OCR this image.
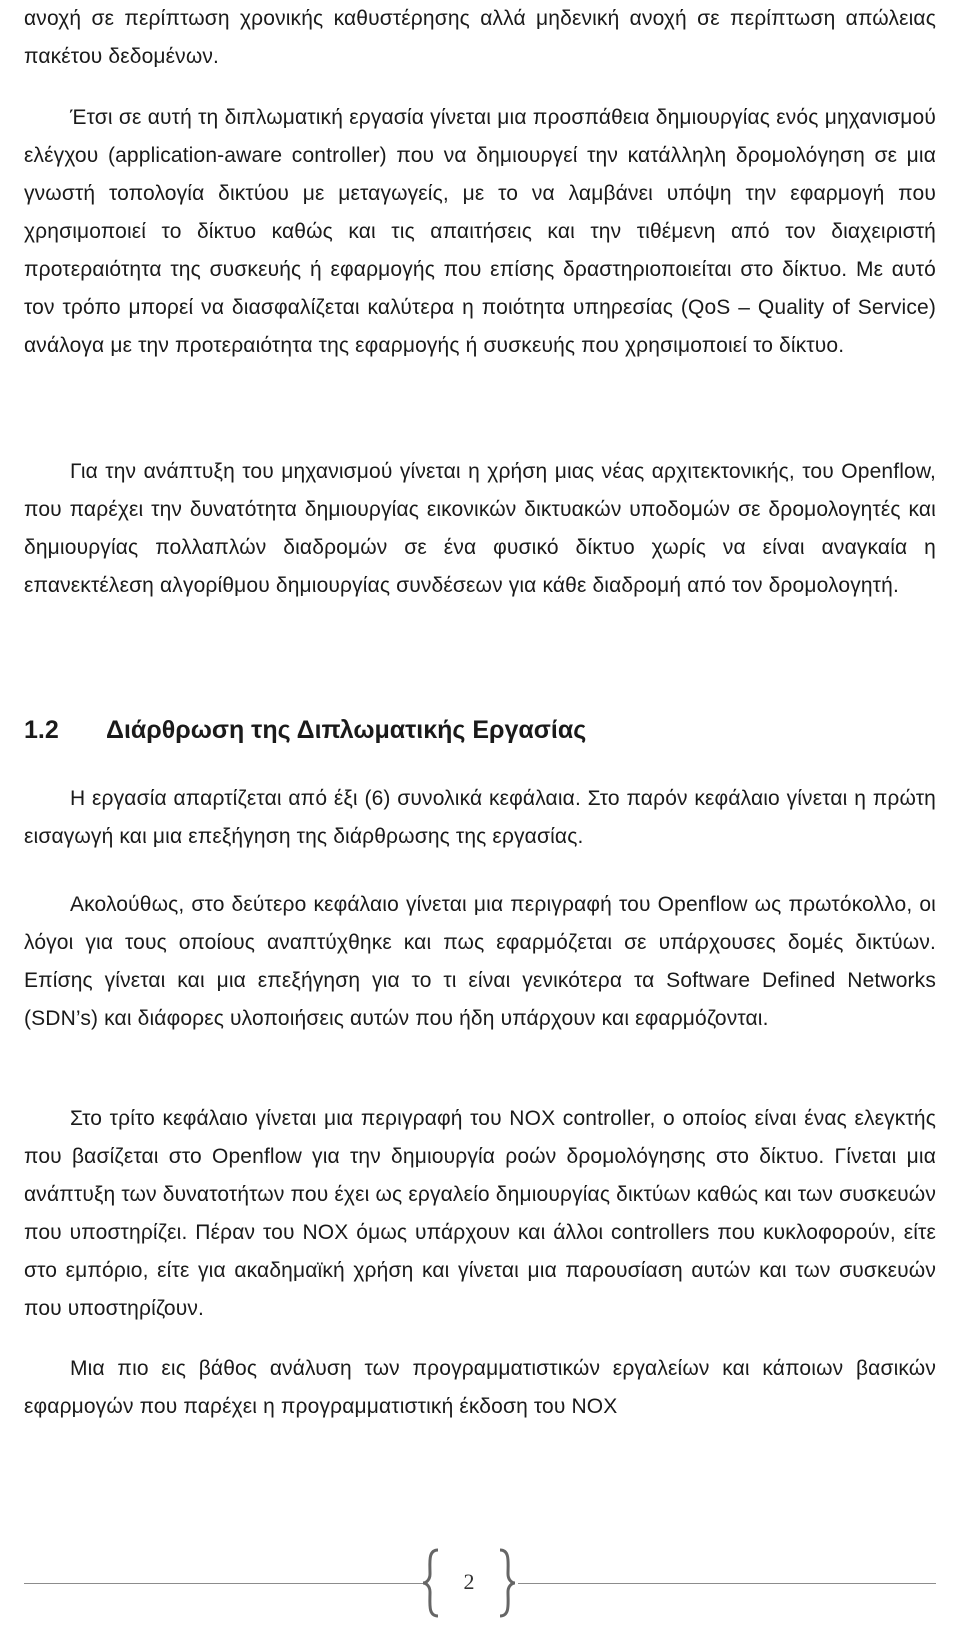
ανοχή σε περίπτωση χρονικής καθυστέρησης αλλά μηδενική ανοχή σε περίπτωση απώλειας πακέτου δεδομένων.

Έτσι σε αυτή τη διπλωματική εργασία γίνεται μια προσπάθεια δημιουργίας ενός μηχανισμού ελέγχου (application-aware controller) που να δημιουργεί την κατάλληλη δρομολόγηση σε μια γνωστή τοπολογία δικτύου με μεταγωγείς, με το να λαμβάνει υπόψη την εφαρμογή που χρησιμοποιεί το δίκτυο καθώς και τις απαιτήσεις και την τιθέμενη από τον διαχειριστή προτεραιότητα της συσκευής ή εφαρμογής που επίσης δραστηριοποιείται στο δίκτυο. Με αυτό τον τρόπο μπορεί να διασφαλίζεται καλύτερα η ποιότητα υπηρεσίας (QoS – Quality of Service) ανάλογα με την προτεραιότητα της εφαρμογής ή συσκευής που χρησιμοποιεί το δίκτυο.

Για την ανάπτυξη του μηχανισμού γίνεται η χρήση μιας νέας αρχιτεκτονικής, του Openflow, που παρέχει την δυνατότητα δημιουργίας εικονικών δικτυακών υποδομών σε δρομολογητές και δημιουργίας πολλαπλών διαδρομών σε ένα φυσικό δίκτυο χωρίς να είναι αναγκαία η επανεκτέλεση αλγορίθμου δημιουργίας συνδέσεων για κάθε διαδρομή από τον δρομολογητή.

1.2 Διάρθρωση της Διπλωματικής Εργασίας

Η εργασία απαρτίζεται από έξι (6) συνολικά κεφάλαια. Στο παρόν κεφάλαιο γίνεται η πρώτη εισαγωγή και μια επεξήγηση της διάρθρωσης της εργασίας.

Ακολούθως, στο δεύτερο κεφάλαιο γίνεται μια περιγραφή του Openflow ως πρωτόκολλο, οι λόγοι για τους οποίους αναπτύχθηκε και πως εφαρμόζεται σε υπάρχουσες δομές δικτύων. Επίσης γίνεται και μια επεξήγηση για το τι είναι γενικότερα τα Software Defined Networks (SDN’s) και διάφορες υλοποιήσεις αυτών που ήδη υπάρχουν και εφαρμόζονται.

Στο τρίτο κεφάλαιο γίνεται μια περιγραφή του NOX controller, ο οποίος είναι ένας ελεγκτής που βασίζεται στο Openflow για την δημιουργία ροών δρομολόγησης στο δίκτυο. Γίνεται μια ανάπτυξη των δυνατοτήτων που έχει ως εργαλείο δημιουργίας δικτύων καθώς και των συσκευών που υποστηρίζει. Πέραν του NOX όμως υπάρχουν και άλλοι controllers που κυκλοφορούν, είτε στο εμπόριο, είτε για ακαδημαϊκή χρήση και γίνεται μια παρουσίαση αυτών και των συσκευών που υποστηρίζουν.

Μια πιο εις βάθος ανάλυση των προγραμματιστικών εργαλείων και κάποιων βασικών εφαρμογών που παρέχει η προγραμματιστική έκδοση του NOX

2
